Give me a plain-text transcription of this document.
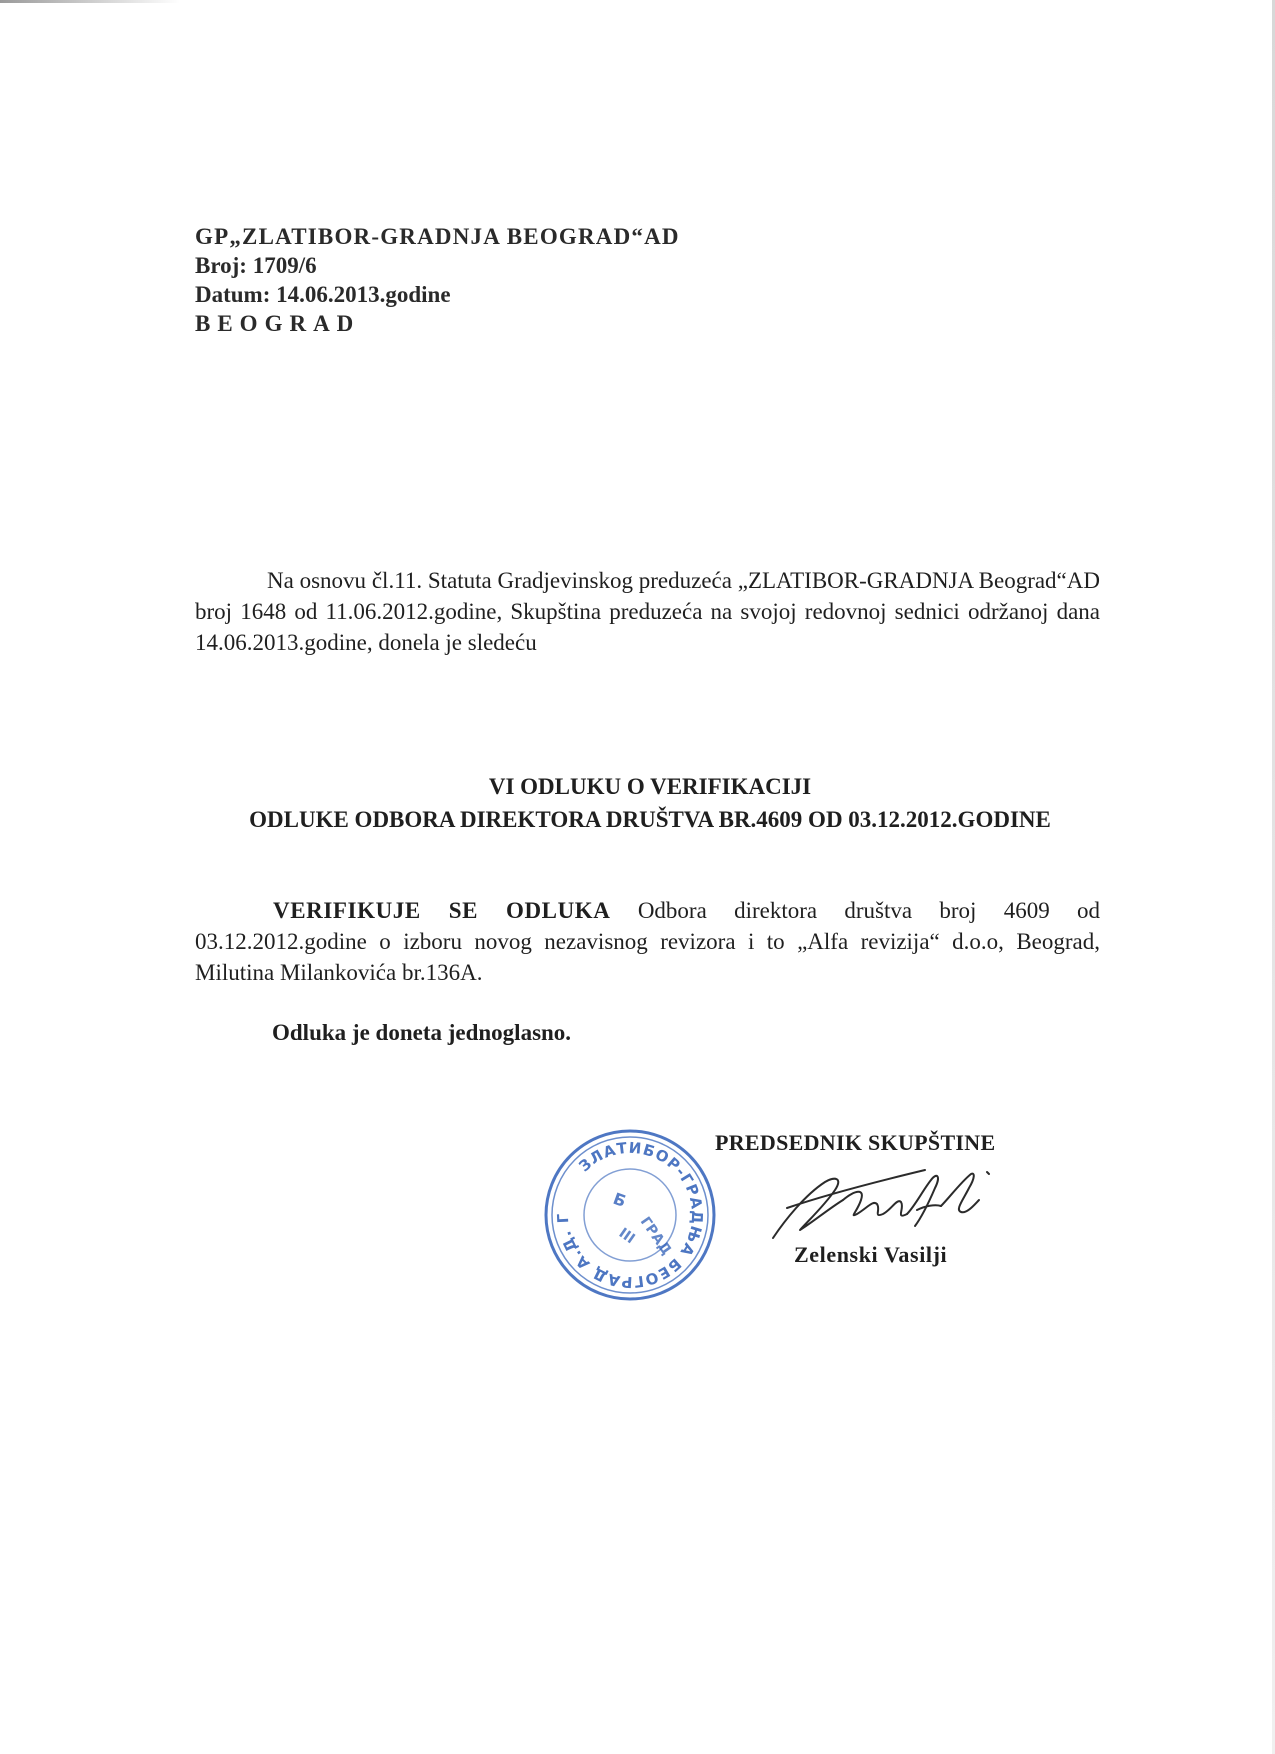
GP„ZLATIBOR-GRADNJA BEOGRAD“AD
Broj: 1709/6
Datum: 14.06.2013.godine
BEOGRAD
Na osnovu čl.11. Statuta Gradjevinskog preduzeća „ZLATIBOR-GRADNJA Beograd“AD broj 1648 od 11.06.2012.godine, Skupština preduzeća na svojoj redovnoj sednici održanoj dana 14.06.2013.godine, donela je sledeću
VI ODLUKU O VERIFIKACIJI
ODLUKE ODBORA DIREKTORA DRUŠTVA BR.4609 OD 03.12.2012.GODINE
VERIFIKUJE SE ODLUKA Odbora direktora društva broj 4609 od 03.12.2012.godine o izboru novog nezavisnog revizora i to „Alfa revizija“ d.o.o, Beograd, Milutina Milankovića br.136A.
Odluka je doneta jednoglasno.
ЗЛАТИБОР-ГРАДЊА БЕОГРАД А.Д. Г
Б
ГРАД
III
PREDSEDNIK SKUPŠTINE
Zelenski Vasilji
